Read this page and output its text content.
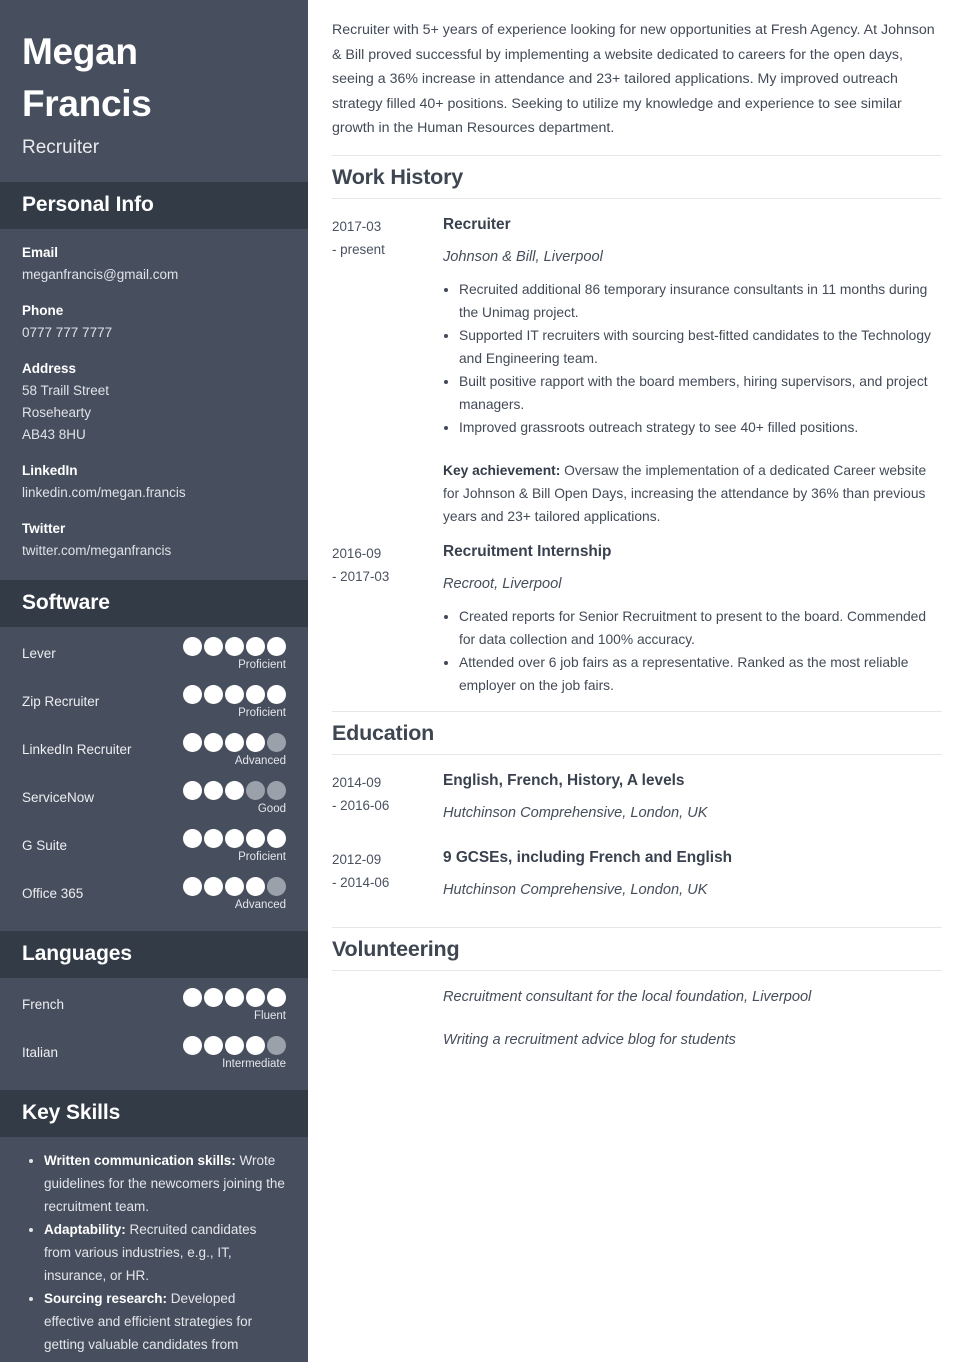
Megan
Francis
Recruiter
Personal Info
Email
meganfrancis@gmail.com
Phone
0777 777 7777
Address
58 Traill Street
Rosehearty
AB43 8HU
LinkedIn
linkedin.com/megan.francis
Twitter
twitter.com/meganfrancis
Software
Lever
Proficient
Zip Recruiter
Proficient
LinkedIn Recruiter
Advanced
ServiceNow
Good
G Suite
Proficient
Office 365
Advanced
Languages
French
Fluent
Italian
Intermediate
Key Skills
• Written communication skills: Wrote guidelines for the newcomers joining the recruitment team.
• Adaptability: Recruited candidates from various industries, e.g., IT, insurance, or HR.
• Sourcing research: Developed effective and efficient strategies for getting valuable candidates from

Recruiter with 5+ years of experience looking for new opportunities at Fresh Agency. At Johnson & Bill proved successful by implementing a website dedicated to careers for the open days, seeing a 36% increase in attendance and 23+ tailored applications. My improved outreach strategy filled 40+ positions. Seeking to utilize my knowledge and experience to see similar growth in the Human Resources department.

Work History
2017-03
- present
Recruiter
Johnson & Bill, Liverpool
• Recruited additional 86 temporary insurance consultants in 11 months during the Unimag project.
• Supported IT recruiters with sourcing best-fitted candidates to the Technology and Engineering team.
• Built positive rapport with the board members, hiring supervisors, and project managers.
• Improved grassroots outreach strategy to see 40+ filled positions.
Key achievement: Oversaw the implementation of a dedicated Career website for Johnson & Bill Open Days, increasing the attendance by 36% than previous years and 23+ tailored applications.
2016-09
- 2017-03
Recruitment Internship
Recroot, Liverpool
• Created reports for Senior Recruitment to present to the board. Commended for data collection and 100% accuracy.
• Attended over 6 job fairs as a representative. Ranked as the most reliable employer on the job fairs.
Education
2014-09
- 2016-06
English, French, History, A levels
Hutchinson Comprehensive, London, UK
2012-09
- 2014-06
9 GCSEs, including French and English
Hutchinson Comprehensive, London, UK
Volunteering
Recruitment consultant for the local foundation, Liverpool
Writing a recruitment advice blog for students
